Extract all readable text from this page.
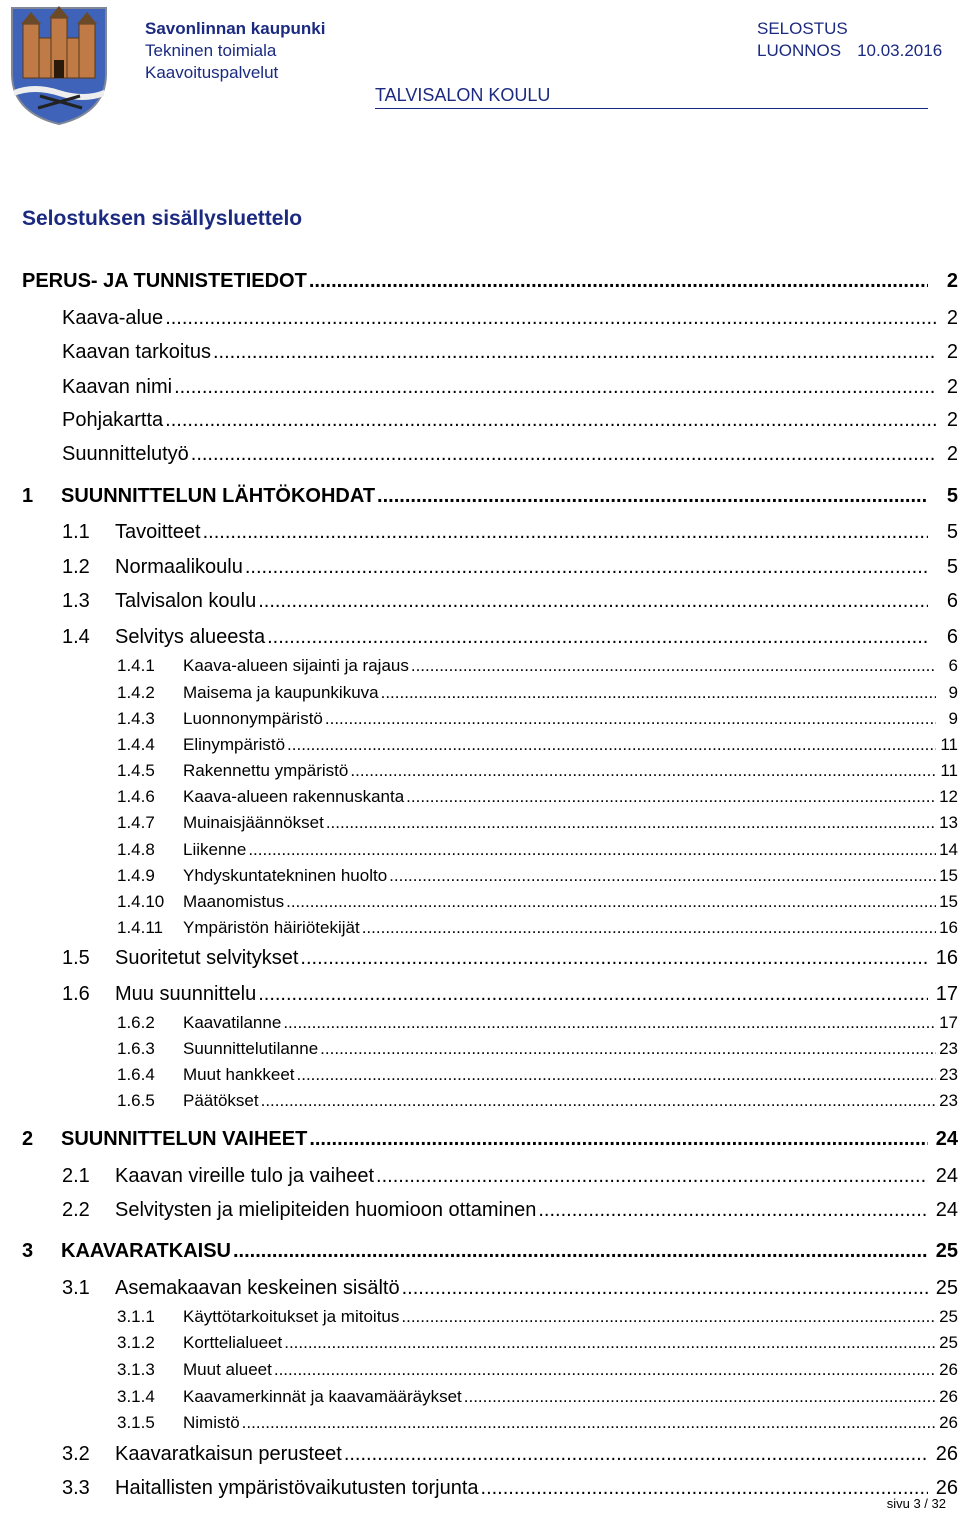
Savonlinnan kaupunki
Tekninen toimiala
Kaavoituspalvelut
SELOSTUS
LUONNOS 10.03.2016
TALVISALON KOULU
Selostuksen sisällysluettelo
PERUS- JA TUNNISTETIEDOT .....	2
Kaava-alue .....	2
Kaavan tarkoitus .....	2
Kaavan nimi .....	2
Pohjakartta .....	2
Suunnittelutyö .....	2
1	SUUNNITTELUN LÄHTÖKOHDAT .....	5
1.1	Tavoitteet .....	5
1.2	Normaalikoulu .....	5
1.3	Talvisalon koulu .....	6
1.4	Selvitys alueesta .....	6
1.4.1	Kaava-alueen sijainti ja rajaus .....	6
1.4.2	Maisema ja kaupunkikuva .....	9
1.4.3	Luonnonympäristö .....	9
1.4.4	Elinympäristö .....	11
1.4.5	Rakennettu ympäristö .....	11
1.4.6	Kaava-alueen rakennuskanta .....	12
1.4.7	Muinaisjäännökset .....	13
1.4.8	Liikenne .....	14
1.4.9	Yhdyskuntatekninen huolto .....	15
1.4.10	Maanomistus .....	15
1.4.11	Ympäristön häiriötekijät .....	16
1.5	Suoritetut selvitykset .....	16
1.6	Muu suunnittelu .....	17
1.6.2	Kaavatilanne .....	17
1.6.3	Suunnittelutilanne .....	23
1.6.4	Muut hankkeet .....	23
1.6.5	Päätökset .....	23
2	SUUNNITTELUN VAIHEET .....	24
2.1	Kaavan vireille tulo ja vaiheet .....	24
2.2	Selvitysten ja mielipiteiden huomioon ottaminen .....	24
3	KAAVARATKAISU .....	25
3.1	Asemakaavan keskeinen sisältö .....	25
3.1.1	Käyttötarkoitukset ja mitoitus .....	25
3.1.2	Korttelialueet .....	25
3.1.3	Muut alueet .....	26
3.1.4	Kaavamerkinnät ja kaavamääräykset .....	26
3.1.5	Nimistö .....	26
3.2	Kaavaratkaisun perusteet .....	26
3.3	Haitallisten ympäristövaikutusten torjunta .....	26
sivu 3 / 32
